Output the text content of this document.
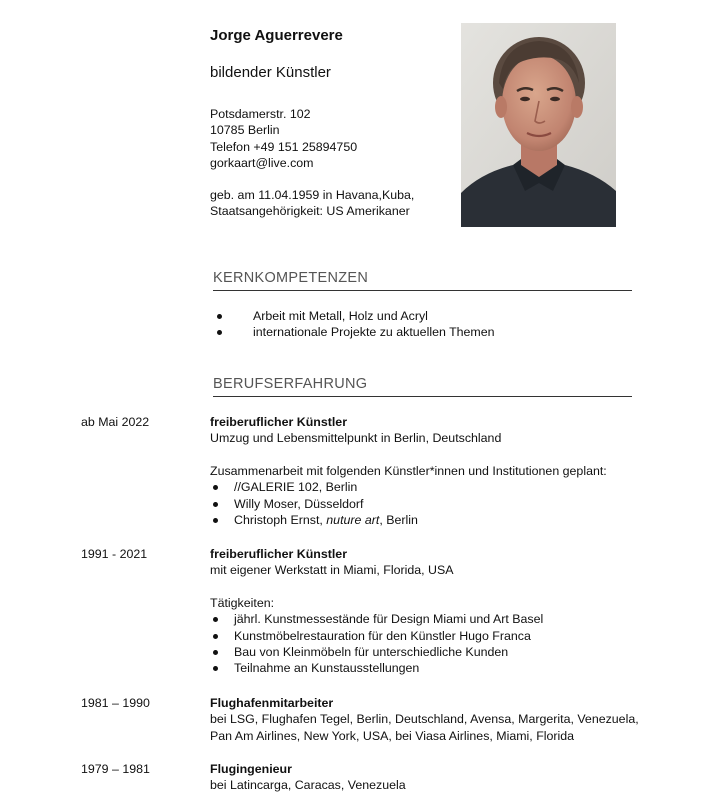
Jorge Aguerrevere
bildender Künstler
Potsdamerstr. 102
10785 Berlin
Telefon +49 151 25894750
gorkaart@live.com
geb. am 11.04.1959 in Havana,Kuba,
Staatsangehörigkeit: US Amerikaner
KERNKOMPETENZEN
Arbeit mit Metall, Holz und Acryl
internationale Projekte zu aktuellen Themen
BERUFSERFAHRUNG
ab Mai 2022	freiberuflicher Künstler
Umzug und Lebensmittelpunkt in Berlin, Deutschland
Zusammenarbeit mit folgenden Künstler*innen und Institutionen geplant:
//GALERIE 102, Berlin
Willy Moser, Düsseldorf
Christoph Ernst, nuture art, Berlin
1991 - 2021	freiberuflicher Künstler
mit eigener Werkstatt in Miami, Florida, USA
Tätigkeiten:
jährl. Kunstmessestände für Design Miami und Art Basel
Kunstmöbelrestauration für den Künstler Hugo Franca
Bau von Kleinmöbeln für unterschiedliche Kunden
Teilnahme an Kunstausstellungen
1981 – 1990	Flughafenmitarbeiter
bei LSG, Flughafen Tegel, Berlin, Deutschland, Avensa, Margerita, Venezuela,
Pan Am Airlines, New York, USA, bei Viasa Airlines, Miami, Florida
1979 – 1981	Flugingenieur
bei Latincarga, Caracas, Venezuela
